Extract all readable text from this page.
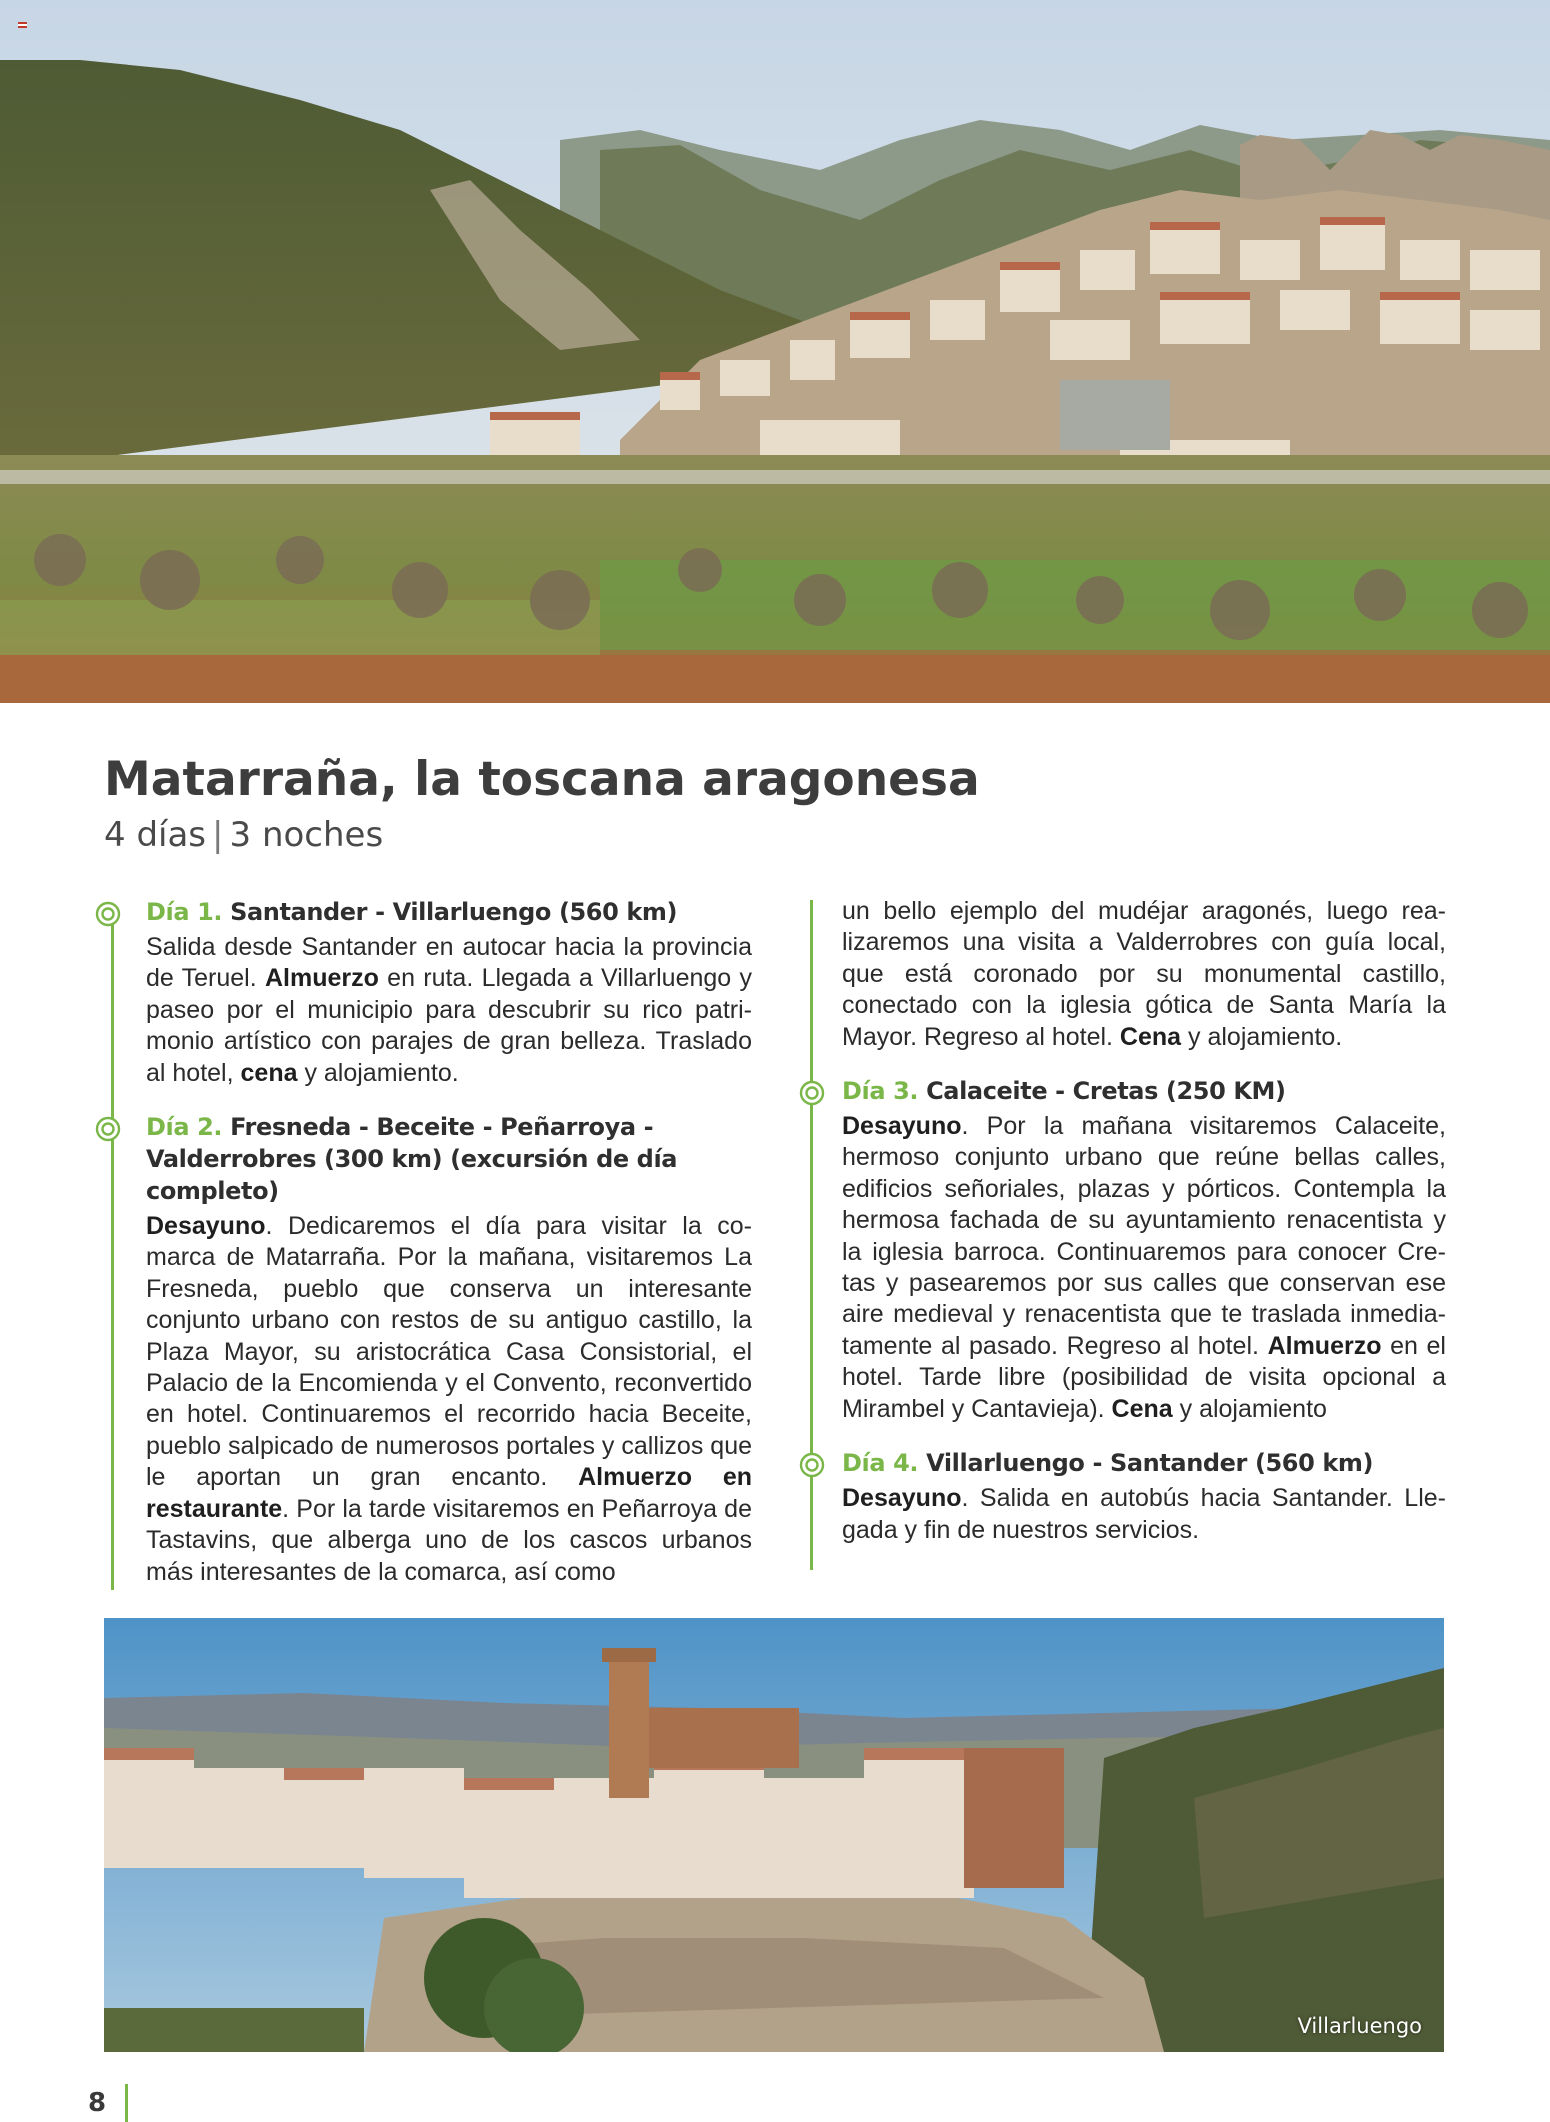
Matarraña, la toscana aragonesa

4 días | 3 noches

Día 1. Santander - Villarluengo (560 km)

Salida desde Santander en autocar hacia la provincia de Teruel. Almuerzo en ruta. Llegada a Villarluengo y paseo por el municipio para descubrir su rico patrimonio artístico con parajes de gran belleza. Traslado al hotel, cena y alojamiento.

Día 2. Fresneda - Beceite - Peñarroya - Valderrobres (300 km) (excursión de día completo)

Desayuno. Dedicaremos el día para visitar la comarca de Matarraña. Por la mañana, visitaremos La Fresneda, pueblo que conserva un interesante conjunto urbano con restos de su antiguo castillo, la Plaza Mayor, su aristocrática Casa Consistorial, el Palacio de la Encomienda y el Convento, reconvertido en hotel. Continuaremos el recorrido hacia Beceite, pueblo salpicado de numerosos portales y callizos que le aportan un gran encanto. Almuerzo en restaurante. Por la tarde visitaremos en Peñarroya de Tastavins, que alberga uno de los cascos urbanos más interesantes de la comarca, así como

un bello ejemplo del mudéjar aragonés, luego realizaremos una visita a Valderrobres con guía local, que está coronado por su monumental castillo, conectado con la iglesia gótica de Santa María la Mayor. Regreso al hotel. Cena y alojamiento.

Día 3. Calaceite - Cretas (250 KM)

Desayuno. Por la mañana visitaremos Calaceite, hermoso conjunto urbano que reúne bellas calles, edificios señoriales, plazas y pórticos. Contempla la hermosa fachada de su ayuntamiento renacentista y la iglesia barroca. Continuaremos para conocer Cretas y pasearemos por sus calles que conservan ese aire medieval y renacentista que te traslada inmediatamente al pasado. Regreso al hotel. Almuerzo en el hotel. Tarde libre (posibilidad de visita opcional a Mirambel y Cantavieja). Cena y alojamiento

Día 4. Villarluengo - Santander (560 km)

Desayuno. Salida en autobús hacia Santander. Llegada y fin de nuestros servicios.

Villarluengo
8
